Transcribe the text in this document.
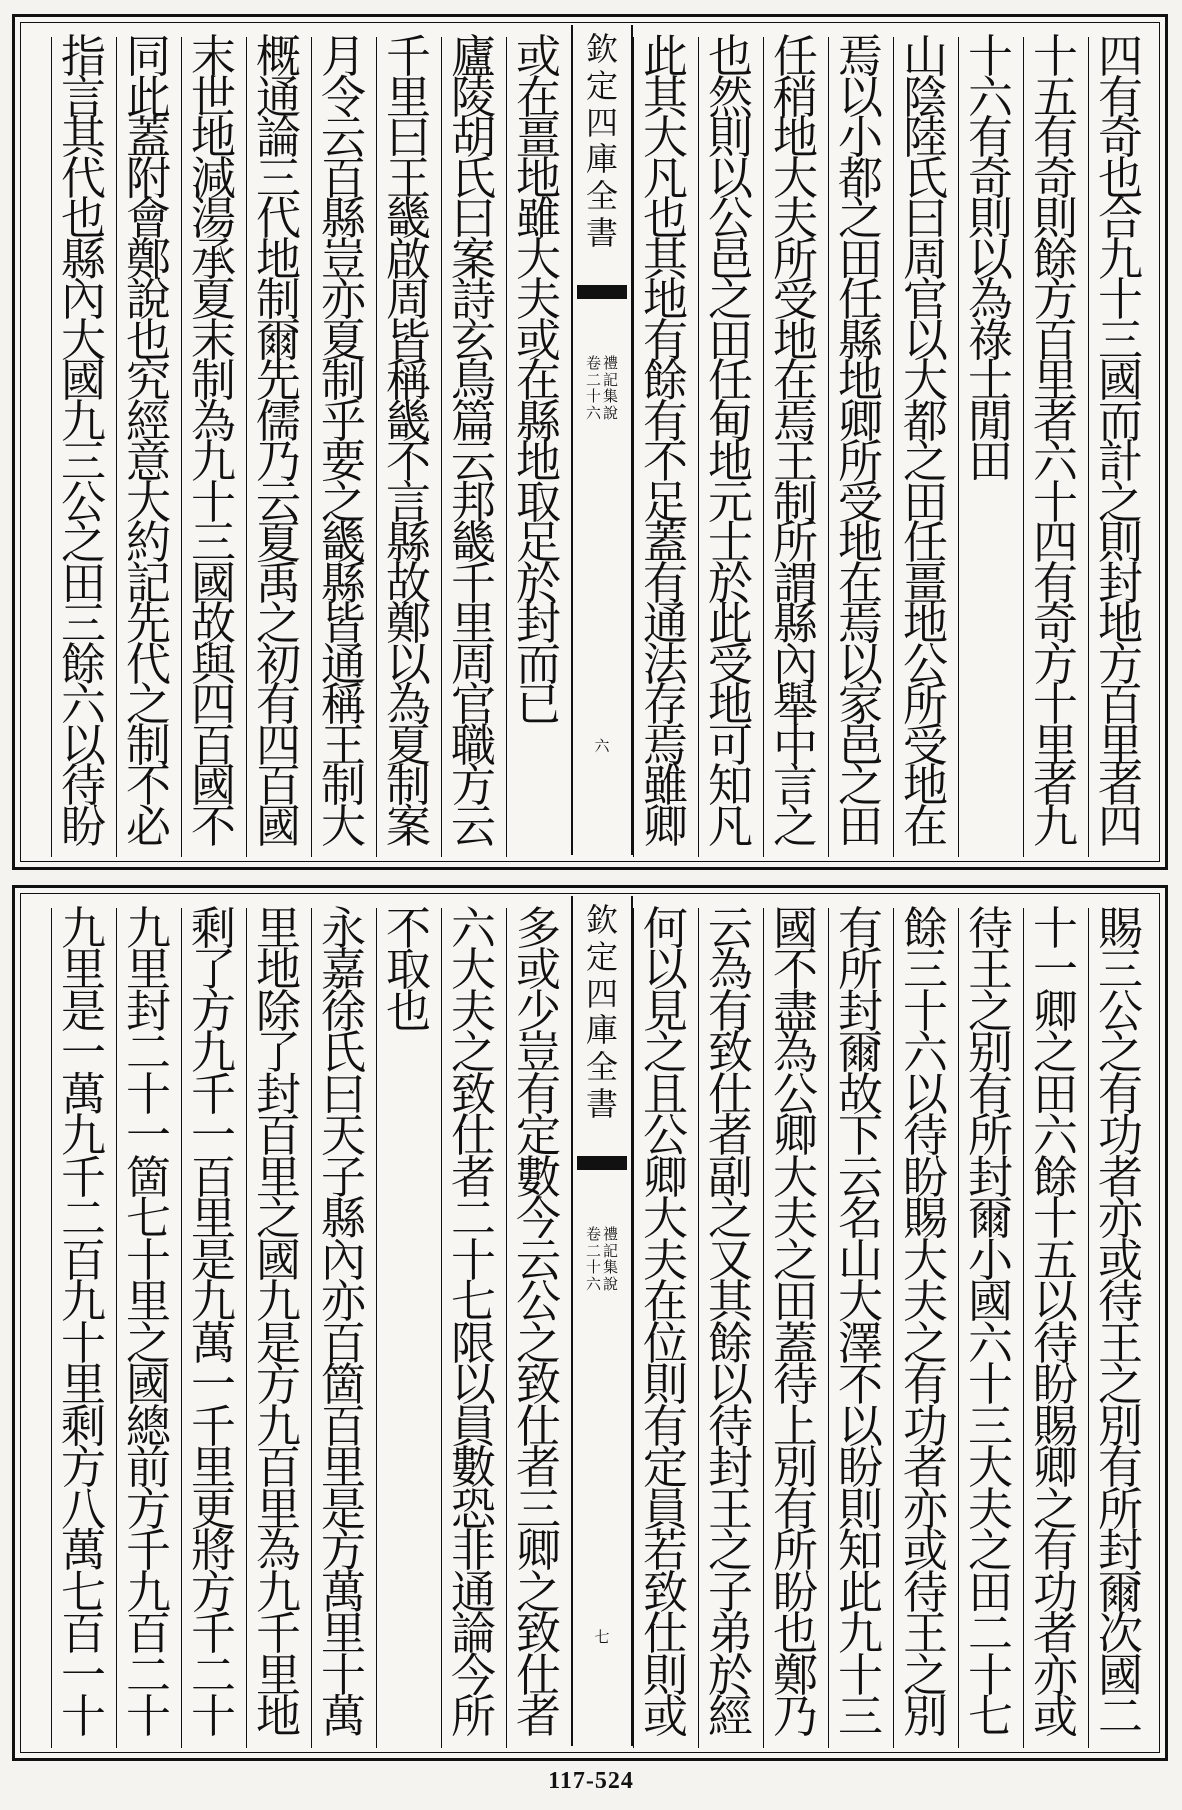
四
有
奇
也
合
九
十
三
國
而
計
之
則
封
地
方
百
里
者
四
十
五
有
奇
則
餘
方
百
里
者
六
十
四
有
奇
方
十
里
者
九
十
六
有
奇
則
以
為
祿
士
閒
田
山
陰
陸
氏
曰
周
官
以
大
都
之
田
任
畺
地
公
所
受
地
在
焉
以
小
都
之
田
任
縣
地
卿
所
受
地
在
焉
以
家
邑
之
田
任
稍
地
大
夫
所
受
地
在
焉
王
制
所
謂
縣
內
舉
中
言
之
也
然
則
以
公
邑
之
田
任
甸
地
元
士
於
此
受
地
可
知
凡
此
其
大
凡
也
其
地
有
餘
有
不
足
蓋
有
通
法
存
焉
雖
卿
欽
定
四
庫
全
書
卷
二
十
六
禮
記
集
說
六
或
在
畺
地
雖
大
夫
或
在
縣
地
取
足
於
封
而
已
廬
陵
胡
氏
曰
案
詩
玄
鳥
篇
云
邦
畿
千
里
周
官
職
方
云
千
里
曰
王
畿
啟
周
皆
稱
畿
不
言
縣
故
鄭
以
為
夏
制
案
月
令
云
百
縣
豈
亦
夏
制
乎
要
之
畿
縣
皆
通
稱
王
制
大
概
通
論
三
代
地
制
爾
先
儒
乃
云
夏
禹
之
初
有
四
百
國
末
世
地
減
湯
承
夏
末
制
為
九
十
三
國
故
與
四
百
國
不
同
此
蓋
附
會
鄭
說
也
究
經
意
大
約
記
先
代
之
制
不
必
指
言
其
代
也
縣
內
大
國
九
三
公
之
田
三
餘
六
以
待
盼
賜
三
公
之
有
功
者
亦
或
待
王
之
別
有
所
封
爾
次
國
二
十
一
卿
之
田
六
餘
十
五
以
待
盼
賜
卿
之
有
功
者
亦
或
待
王
之
别
有
所
封
爾
小
國
六
十
三
大
夫
之
田
二
十
七
餘
三
十
六
以
待
盼
賜
大
夫
之
有
功
者
亦
或
待
王
之
別
有
所
封
爾
故
下
云
名
山
大
澤
不
以
盼
則
知
此
九
十
三
國
不
盡
為
公
卿
大
夫
之
田
蓋
待
上
別
有
所
盼
也
鄭
乃
云
為
有
致
仕
者
副
之
又
其
餘
以
待
封
王
之
子
弟
於
經
何
以
見
之
且
公
卿
大
夫
在
位
則
有
定
員
若
致
仕
則
或
欽
定
四
庫
全
書
卷
二
十
六
禮
記
集
說
七
多
或
少
豈
有
定
數
今
云
公
之
致
仕
者
三
卿
之
致
仕
者
六
大
夫
之
致
仕
者
二
十
七
限
以
員
數
恐
非
通
論
今
所
不
取
也
永
嘉
徐
氏
曰
天
子
縣
內
亦
百
箇
百
里
是
方
萬
里
十
萬
里
地
除
了
封
百
里
之
國
九
是
方
九
百
里
為
九
千
里
地
剩
了
方
九
千
一
百
里
是
九
萬
一
千
里
更
將
方
千
二
十
九
里
封
二
十
一
箇
七
十
里
之
國
總
前
方
千
九
百
二
十
九
里
是
一
萬
九
千
二
百
九
十
里
剩
方
八
萬
七
百
一
十
117-524
